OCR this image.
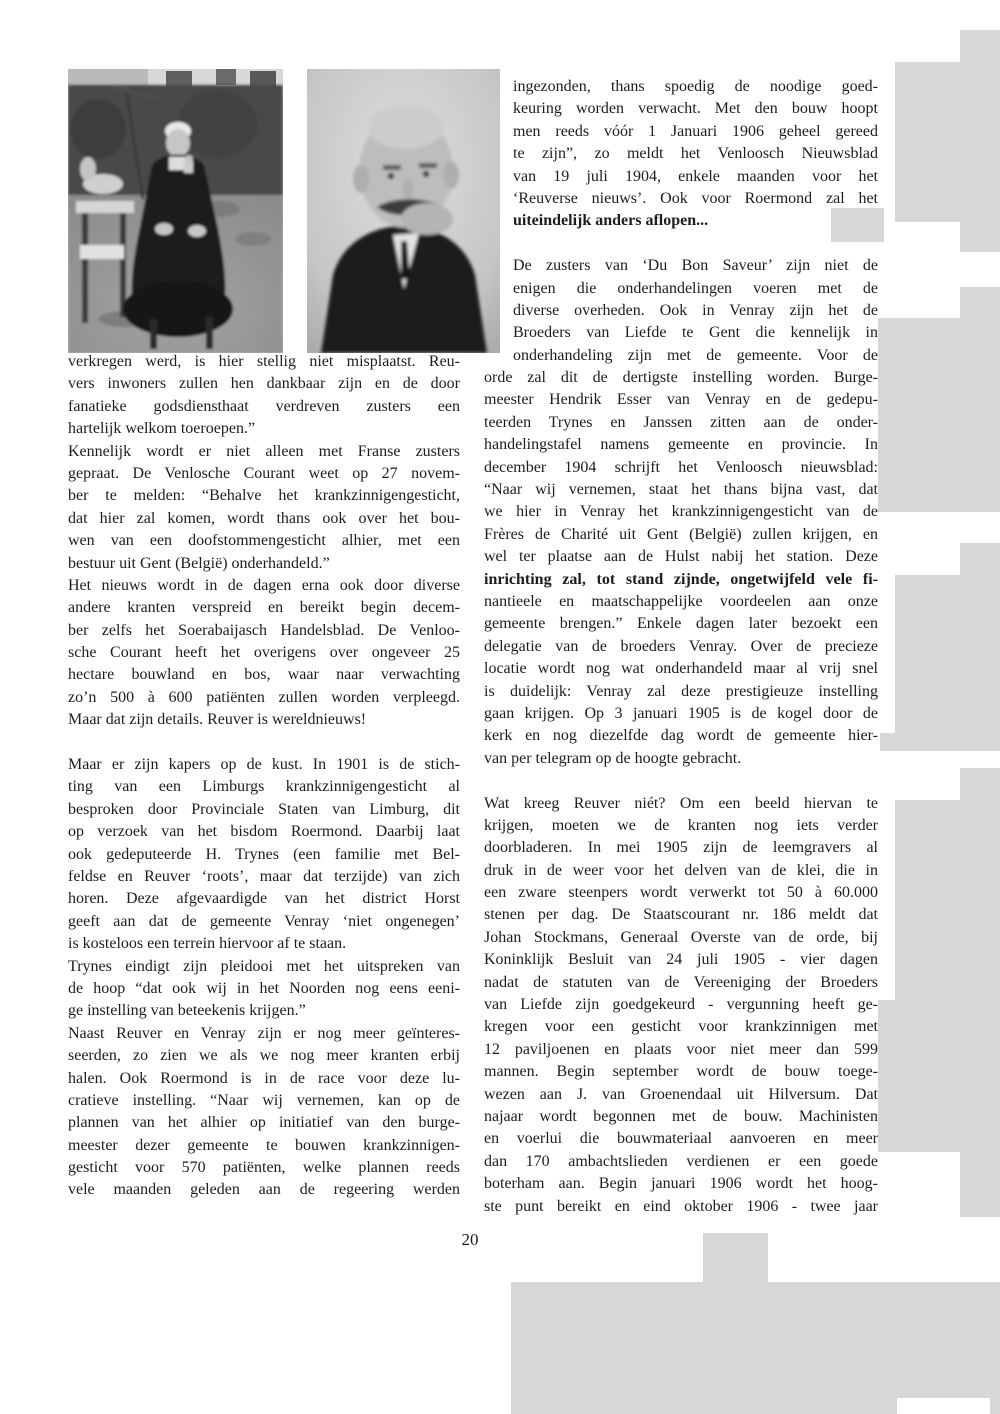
verkregen werd, is hier stellig niet misplaatst. Reu-
vers inwoners zullen hen dankbaar zijn en de door
fanatieke godsdiensthaat verdreven zusters een
hartelijk welkom toeroepen.”
Kennelijk wordt er niet alleen met Franse zusters
gepraat. De Venlosche Courant weet op 27 novem-
ber te melden: “Behalve het krankzinnigengesticht,
dat hier zal komen, wordt thans ook over het bou-
wen van een doofstommengesticht alhier, met een
bestuur uit Gent (België) onderhandeld.”
Het nieuws wordt in de dagen erna ook door diverse
andere kranten verspreid en bereikt begin decem-
ber zelfs het Soerabaijasch Handelsblad. De Venloo-
sche Courant heeft het overigens over ongeveer 25
hectare bouwland en bos, waar naar verwachting
zo’n 500 à 600 patiënten zullen worden verpleegd.
Maar dat zijn details. Reuver is wereldnieuws!
Maar er zijn kapers op de kust. In 1901 is de stich-
ting van een Limburgs krankzinnigengesticht al
besproken door Provinciale Staten van Limburg, dit
op verzoek van het bisdom Roermond. Daarbij laat
ook gedeputeerde H. Trynes (een familie met Bel-
feldse en Reuver ‘roots’, maar dat terzijde) van zich
horen. Deze afgevaardigde van het district Horst
geeft aan dat de gemeente Venray ‘niet ongenegen’
is kosteloos een terrein hiervoor af te staan.
Trynes eindigt zijn pleidooi met het uitspreken van
de hoop “dat ook wij in het Noorden nog eens eeni-
ge instelling van beteekenis krijgen.”
Naast Reuver en Venray zijn er nog meer geïnteres-
seerden, zo zien we als we nog meer kranten erbij
halen. Ook Roermond is in de race voor deze lu-
cratieve instelling. “Naar wij vernemen, kan op de
plannen van het alhier op initiatief van den burge-
meester dezer gemeente te bouwen krankzinnigen-
gesticht voor 570 patiënten, welke plannen reeds
vele maanden geleden aan de regeering werden
ingezonden, thans spoedig de noodige goed-
keuring worden verwacht. Met den bouw hoopt
men reeds vóór 1 Januari 1906 geheel gereed
te zijn”, zo meldt het Venloosch Nieuwsblad
van 19 juli 1904, enkele maanden voor het
‘Reuverse nieuws’. Ook voor Roermond zal het
uiteindelijk anders aflopen...
De zusters van ‘Du Bon Saveur’ zijn niet de
enigen die onderhandelingen voeren met de
diverse overheden. Ook in Venray zijn het de
Broeders van Liefde te Gent die kennelijk in
onderhandeling zijn met de gemeente. Voor de
orde zal dit de dertigste instelling worden. Burge-
meester Hendrik Esser van Venray en de gedepu-
teerden Trynes en Janssen zitten aan de onder-
handelingstafel namens gemeente en provincie. In
december 1904 schrijft het Venloosch nieuwsblad:
“Naar wij vernemen, staat het thans bijna vast, dat
we hier in Venray het krankzinnigengesticht van de
Frères de Charité uit Gent (België) zullen krijgen, en
wel ter plaatse aan de Hulst nabij het station. Deze
inrichting zal, tot stand zijnde, ongetwijfeld vele fi-
nantieele en maatschappelijke voordeelen aan onze
gemeente brengen.” Enkele dagen later bezoekt een
delegatie van de broeders Venray. Over de precieze
locatie wordt nog wat onderhandeld maar al vrij snel
is duidelijk: Venray zal deze prestigieuze instelling
gaan krijgen. Op 3 januari 1905 is de kogel door de
kerk en nog diezelfde dag wordt de gemeente hier-
van per telegram op de hoogte gebracht.
Wat kreeg Reuver niét? Om een beeld hiervan te
krijgen, moeten we de kranten nog iets verder
doorbladeren. In mei 1905 zijn de leemgravers al
druk in de weer voor het delven van de klei, die in
een zware steenpers wordt verwerkt tot 50 à 60.000
stenen per dag. De Staatscourant nr. 186 meldt dat
Johan Stockmans, Generaal Overste van de orde, bij
Koninklijk Besluit van 24 juli 1905 - vier dagen
nadat de statuten van de Vereeniging der Broeders
van Liefde zijn goedgekeurd - vergunning heeft ge-
kregen voor een gesticht voor krankzinnigen met
12 paviljoenen en plaats voor niet meer dan 599
mannen. Begin september wordt de bouw toege-
wezen aan J. van Groenendaal uit Hilversum. Dat
najaar wordt begonnen met de bouw. Machinisten
en voerlui die bouwmateriaal aanvoeren en meer
dan 170 ambachtslieden verdienen er een goede
boterham aan. Begin januari 1906 wordt het hoog-
ste punt bereikt en eind oktober 1906 - twee jaar
20
